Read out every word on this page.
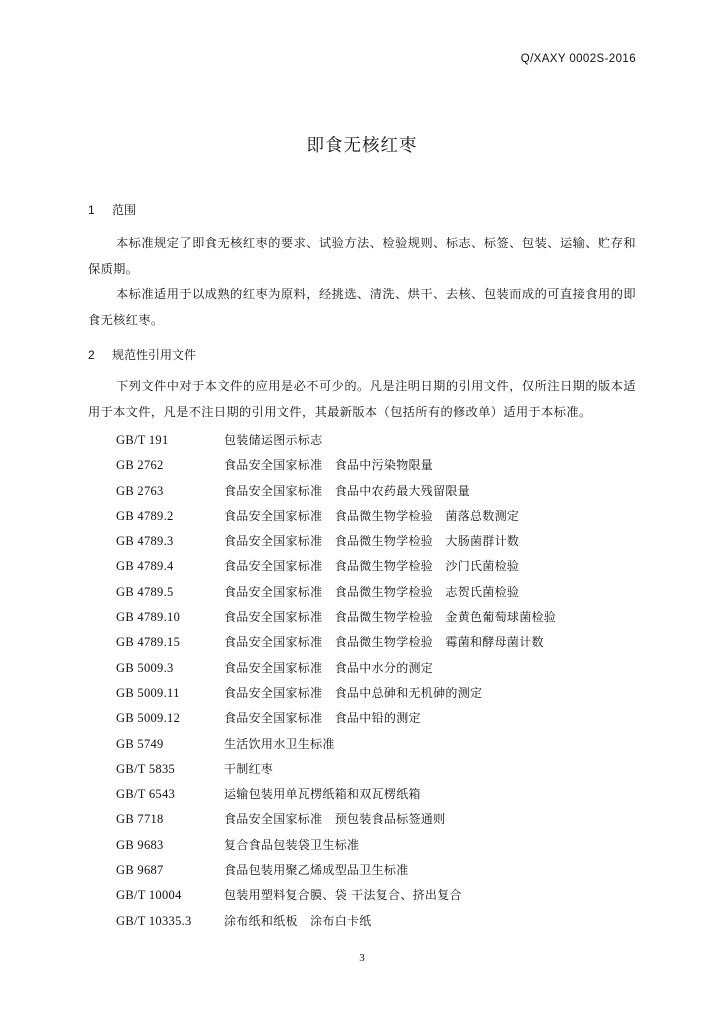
Q/XAXY 0002S-2016
即食无核红枣
1 范围
本标准规定了即食无核红枣的要求、试验方法、检验规则、标志、标签、包装、运输、贮存和保质期。
本标准适用于以成熟的红枣为原料，经挑选、清洗、烘干、去核、包装而成的可直接食用的即食无核红枣。
2 规范性引用文件
下列文件中对于本文件的应用是必不可少的。凡是注明日期的引用文件，仅所注日期的版本适用于本文件，凡是不注日期的引用文件，其最新版本（包括所有的修改单）适用于本标准。
GB/T 191	包装储运图示标志
GB 2762	食品安全国家标准　食品中污染物限量
GB 2763	食品安全国家标准　食品中农药最大残留限量
GB 4789.2	食品安全国家标准　食品微生物学检验　菌落总数测定
GB 4789.3	食品安全国家标准　食品微生物学检验　大肠菌群计数
GB 4789.4	食品安全国家标准　食品微生物学检验　沙门氏菌检验
GB 4789.5	食品安全国家标准　食品微生物学检验　志贺氏菌检验
GB 4789.10	食品安全国家标准　食品微生物学检验　金黄色葡萄球菌检验
GB 4789.15	食品安全国家标准　食品微生物学检验　霉菌和酵母菌计数
GB 5009.3	食品安全国家标准　食品中水分的测定
GB 5009.11	食品安全国家标准　食品中总砷和无机砷的测定
GB 5009.12	食品安全国家标准　食品中铅的测定
GB 5749	生活饮用水卫生标准
GB/T 5835	干制红枣
GB/T 6543	运输包装用单瓦楞纸箱和双瓦楞纸箱
GB 7718	食品安全国家标准　预包装食品标签通则
GB 9683	复合食品包装袋卫生标准
GB 9687	食品包装用聚乙烯成型品卫生标准
GB/T 10004	包装用塑料复合膜、袋 干法复合、挤出复合
GB/T 10335.3	涂布纸和纸板　涂布白卡纸
3
